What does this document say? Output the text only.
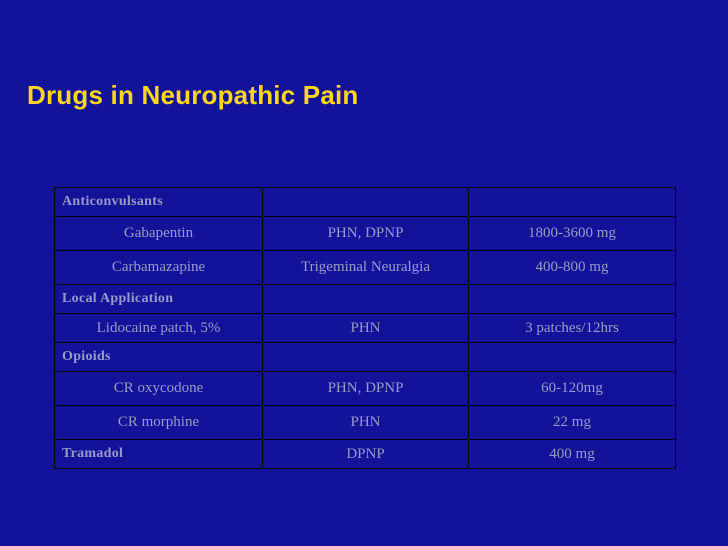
Drugs in Neuropathic Pain
Anticonvulsants		
Gabapentin	PHN, DPNP	1800-3600 mg
Carbamazapine	Trigeminal Neuralgia	400-800 mg
Local Application		
Lidocaine patch, 5%	PHN	3 patches/12hrs
Opioids		
CR oxycodone	PHN, DPNP	60-120mg
CR morphine	PHN	22 mg
Tramadol	DPNP	400 mg
